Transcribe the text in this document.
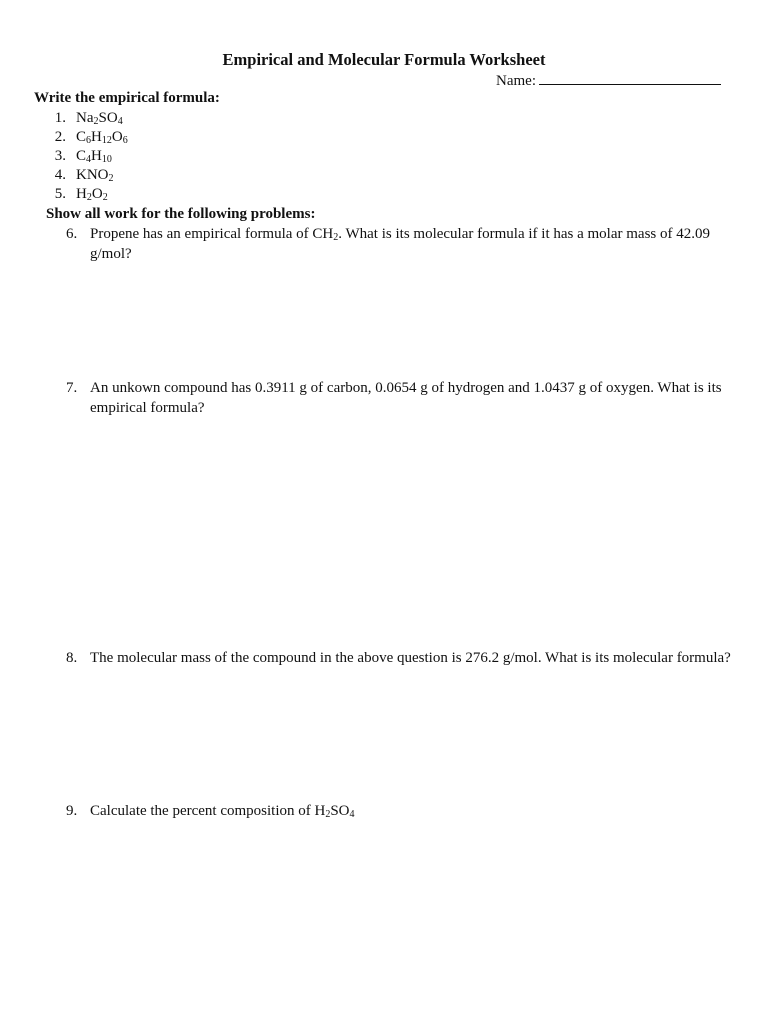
Empirical and Molecular Formula Worksheet
Name:
Write the empirical formula:
1. $Na_2SO_4$
2. $C_6H_{12}O_6$
3. $C_4H_{10}$
4. $KNO_2$
5. $H_2O_2$
Show all work for the following problems:
6. Propene has an empirical formula of $CH_2$. What is its molecular formula if it has a molar mass of 42.09 g/mol?
7. An unkown compound has 0.3911 g of carbon, 0.0654 g of hydrogen and 1.0437 g of oxygen. What is its empirical formula?
8. The molecular mass of the compound in the above question is 276.2 g/mol. What is its molecular formula?
9. Calculate the percent composition of $H_2SO_4$
